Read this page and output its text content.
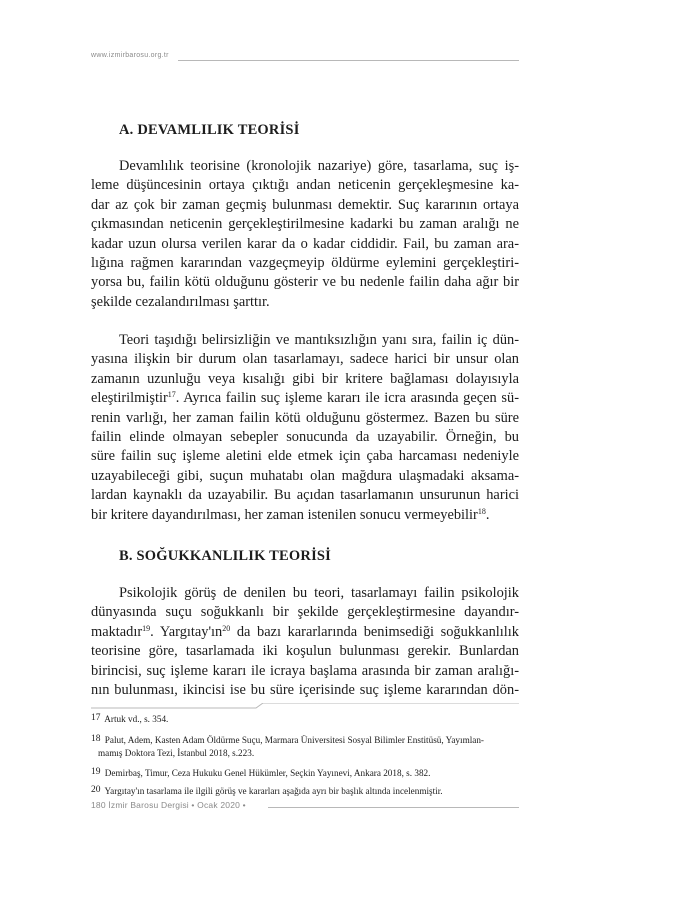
www.izmirbarosu.org.tr
A. DEVAMLILIK TEORİSİ
Devamlılık teorisine (kronolojik nazariye) göre, tasarlama, suç iş-
leme düşüncesinin ortaya çıktığı andan neticenin gerçekleşmesine ka-
dar az çok bir zaman geçmiş bulunması demektir. Suç kararının ortaya
çıkmasından neticenin gerçekleştirilmesine kadarki bu zaman aralığı ne
kadar uzun olursa verilen karar da o kadar ciddidir. Fail, bu zaman ara-
lığına rağmen kararından vazgeçmeyip öldürme eylemini gerçekleştiri-
yorsa bu, failin kötü olduğunu gösterir ve bu nedenle failin daha ağır bir
şekilde cezalandırılması şarttır.
Teori taşıdığı belirsizliğin ve mantıksızlığın yanı sıra, failin iç dün-
yasına ilişkin bir durum olan tasarlamayı, sadece harici bir unsur olan
zamanın uzunluğu veya kısalığı gibi bir kritere bağlaması dolayısıyla
eleştirilmiştir$^{17}$. Ayrıca failin suç işleme kararı ile icra arasında geçen sü-
renin varlığı, her zaman failin kötü olduğunu göstermez. Bazen bu süre
failin elinde olmayan sebepler sonucunda da uzayabilir. Örneğin, bu
süre failin suç işleme aletini elde etmek için çaba harcaması nedeniyle
uzayabileceği gibi, suçun muhatabı olan mağdura ulaşmadaki aksama-
lardan kaynaklı da uzayabilir. Bu açıdan tasarlamanın unsurunun harici
bir kritere dayandırılması, her zaman istenilen sonucu vermeyebilir$^{18}$.
B. SOĞUKKANLILIK TEORİSİ
Psikolojik görüş de denilen bu teori, tasarlamayı failin psikolojik
dünyasında suçu soğukkanlı bir şekilde gerçekleştirmesine dayandır-
maktadır$^{19}$. $Yargıtay'ın^{20}$ da bazı kararlarında benimsediği soğukkanlılık
teorisine göre, tasarlamada iki koşulun bulunması gerekir. Bunlardan
birincisi, suç işleme kararı ile icraya başlama arasında bir zaman aralığı-
nın bulunması, ikincisi ise bu süre içerisinde suç işleme kararından dön-
17 Artuk vd., s. 354.
18 Palut, Adem, Kasten Adam Öldürme Suçu, Marmara Üniversitesi Sosyal Bilimler Enstitüsü, Yayımlan-
mamış Doktora Tezi, İstanbul 2018, s.223.
19 Demirbaş, Timur, Ceza Hukuku Genel Hükümler, Seçkin Yayınevi, Ankara 2018, s. 382.
20 Yargıtay'ın tasarlama ile ilgili görüş ve kararları aşağıda ayrı bir başlık altında incelenmiştir.
180 İzmir Barosu Dergisi • Ocak 2020 •
